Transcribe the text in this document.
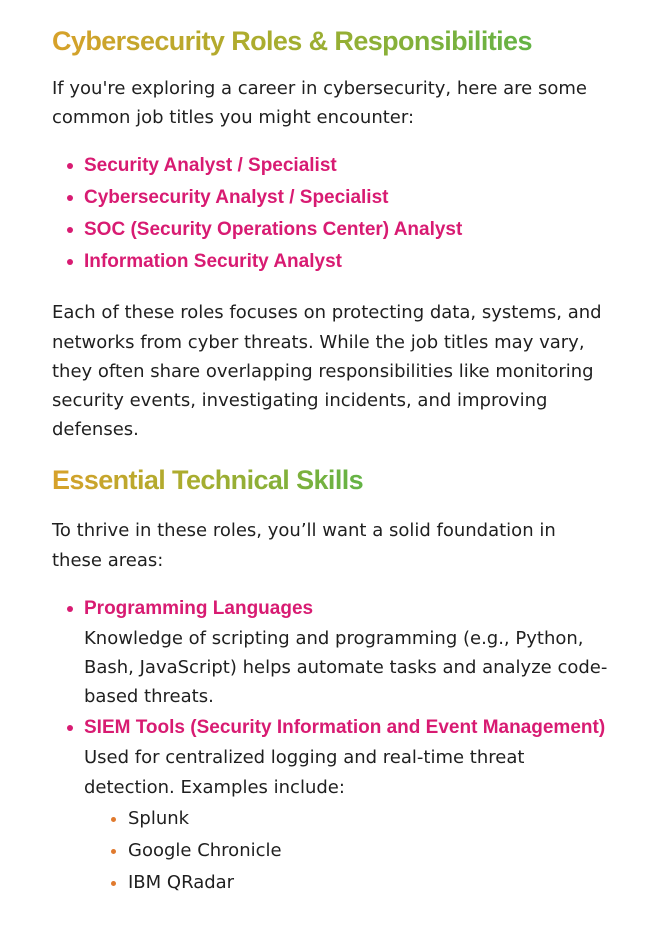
Cybersecurity Roles & Responsibilities

If you're exploring a career in cybersecurity, here are some common job titles you might encounter:

Security Analyst / Specialist
Cybersecurity Analyst / Specialist
SOC (Security Operations Center) Analyst
Information Security Analyst

Each of these roles focuses on protecting data, systems, and networks from cyber threats. While the job titles may vary, they often share overlapping responsibilities like monitoring security events, investigating incidents, and improving defenses.

Essential Technical Skills

To thrive in these roles, you’ll want a solid foundation in these areas:

Programming Languages
Knowledge of scripting and programming (e.g., Python, Bash, JavaScript) helps automate tasks and analyze code-based threats.
SIEM Tools (Security Information and Event Management)
Used for centralized logging and real-time threat detection. Examples include:
Splunk
Google Chronicle
IBM QRadar
